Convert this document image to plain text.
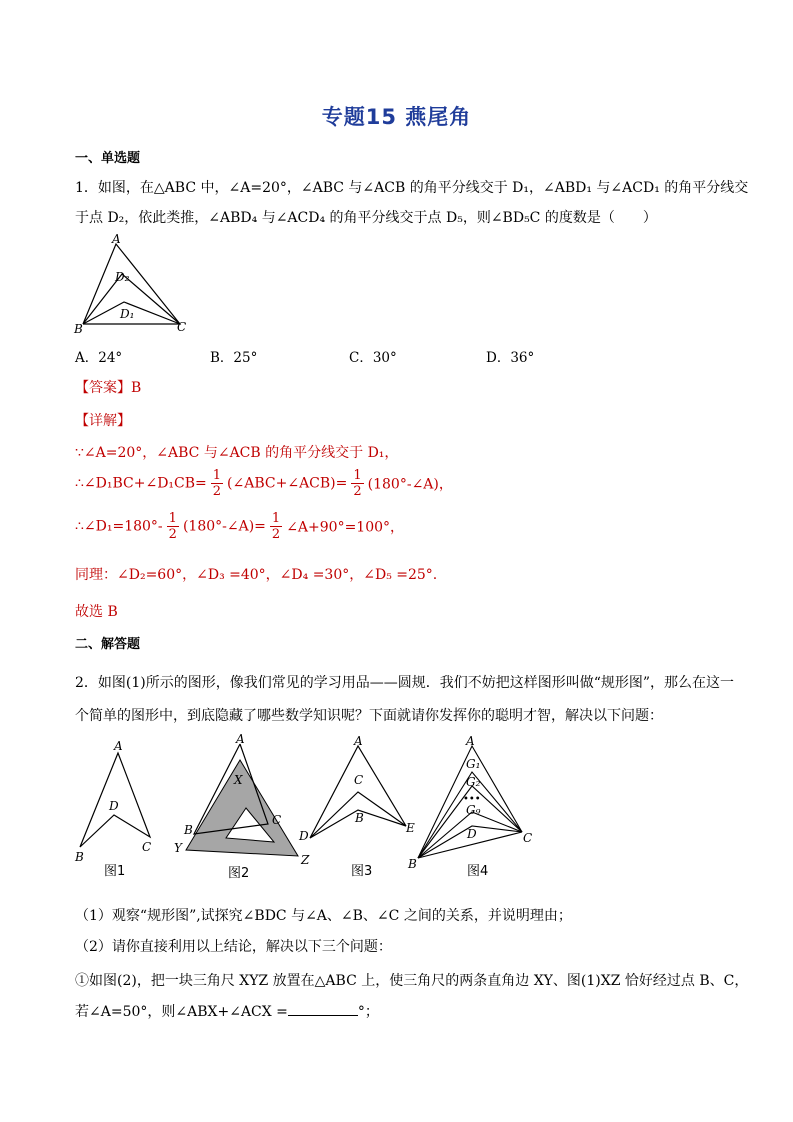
专题15 燕尾角
一、单选题
1．如图，在△ABC 中，∠A=20°，∠ABC 与∠ACB 的角平分线交于 D₁，∠ABD₁ 与∠ACD₁ 的角平分线交
于点 D₂，依此类推，∠ABD₄ 与∠ACD₄ 的角平分线交于点 D₅，则∠BD₅C 的度数是（　　）
A
B	C
D₂
D₁
A．24°	B．25°	C．30°	D．36°
【答案】B
【详解】
∵∠A=20°，∠ABC 与∠ACB 的角平分线交于 D₁，
∴∠D₁BC+∠D₁CB= $\frac{1}{2}$ (∠ABC+∠ACB)= $\frac{1}{2}$ (180°-∠A)，
∴∠D₁=180°- $\frac{1}{2}$ (180°-∠A)= $\frac{1}{2}$ ∠A+90°=100°，
同理：∠D₂=60°，∠D₃ =40°，∠D₄ =30°，∠D₅ =25°.
故选 B
二、解答题
2．如图(1)所示的图形，像我们常见的学习用品——圆规．我们不妨把这样图形叫做“规形图”，那么在这一
个简单的图形中，到底隐藏了哪些数学知识呢？下面就请你发挥你的聪明才智，解决以下问题：
A
B
C
D
图1
A
X
B
C
Y
Z
图2
A
C
B
D
E
图3
A
G₁
G₂
•••
G₉
D
B
C
图4
（1）观察“规形图”,试探究∠BDC 与∠A、∠B、∠C 之间的关系，并说明理由；
（2）请你直接利用以上结论，解决以下三个问题：
①如图(2)，把一块三角尺 XYZ 放置在△ABC 上，使三角尺的两条直角边 XY、图(1)XZ 恰好经过点 B、C，
若∠A=50°，则∠ABX+∠ACX =	°；
